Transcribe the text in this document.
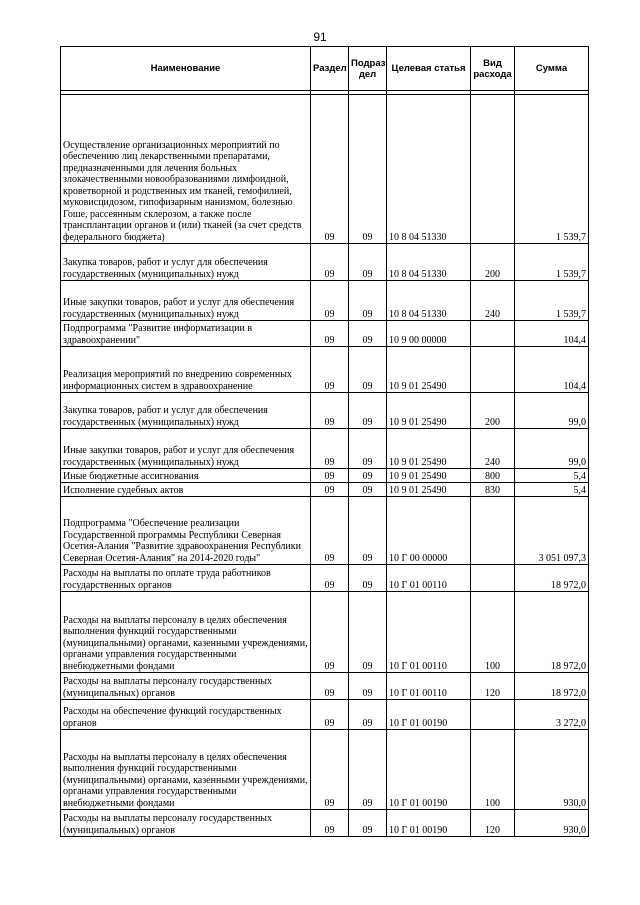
91
Наименование	Раздел	Подраз дел	Целевая статья	Вид расхода	Сумма

Осуществление организационных мероприятий по обеспечению лиц лекарственными препаратами, предназначенными для лечения больных злокачественными новообразованиями лимфоидной, кроветворной и родственных им тканей, гемофилией, муковисцидозом, гипофизарным нанизмом, болезнью Гоше, рассеянным склерозом, а также после трансплантации органов и (или) тканей (за счет средств федерального бюджета)	09	09	10 8 04 51330		1 539,7
Закупка товаров, работ и услуг для обеспечения государственных (муниципальных) нужд	09	09	10 8 04 51330	200	1 539,7
Иные закупки товаров, работ и услуг для обеспечения государственных (муниципальных) нужд	09	09	10 8 04 51330	240	1 539,7
Подпрограмма "Развитие информатизации в здравоохранении"	09	09	10 9 00 00000		104,4
Реализация мероприятий по внедрению современных информационных систем в здравоохранение	09	09	10 9 01 25490		104,4
Закупка товаров, работ и услуг для обеспечения государственных (муниципальных) нужд	09	09	10 9 01 25490	200	99,0
Иные закупки товаров, работ и услуг для обеспечения государственных (муниципальных) нужд	09	09	10 9 01 25490	240	99,0
Иные бюджетные ассигнования	09	09	10 9 01 25490	800	5,4
Исполнение судебных актов	09	09	10 9 01 25490	830	5,4
Подпрограмма "Обеспечение реализации Государственной программы Республики Северная Осетия-Алания "Развитие здравоохранения Республики Северная Осетия-Алания" на 2014-2020 годы"	09	09	10 Г 00 00000		3 051 097,3
Расходы на выплаты по оплате труда работников государственных органов	09	09	10 Г 01 00110		18 972,0
Расходы на выплаты персоналу в целях обеспечения выполнения функций государственными (муниципальными) органами, казенными учреждениями, органами управления государственными внебюджетными фондами	09	09	10 Г 01 00110	100	18 972,0
Расходы на выплаты персоналу государственных (муниципальных) органов	09	09	10 Г 01 00110	120	18 972,0
Расходы на обеспечение функций государственных органов	09	09	10 Г 01 00190		3 272,0
Расходы на выплаты персоналу в целях обеспечения выполнения функций государственными (муниципальными) органами, казенными учреждениями, органами управления государственными внебюджетными фондами	09	09	10 Г 01 00190	100	930,0
Расходы на выплаты персоналу государственных (муниципальных) органов	09	09	10 Г 01 00190	120	930,0
